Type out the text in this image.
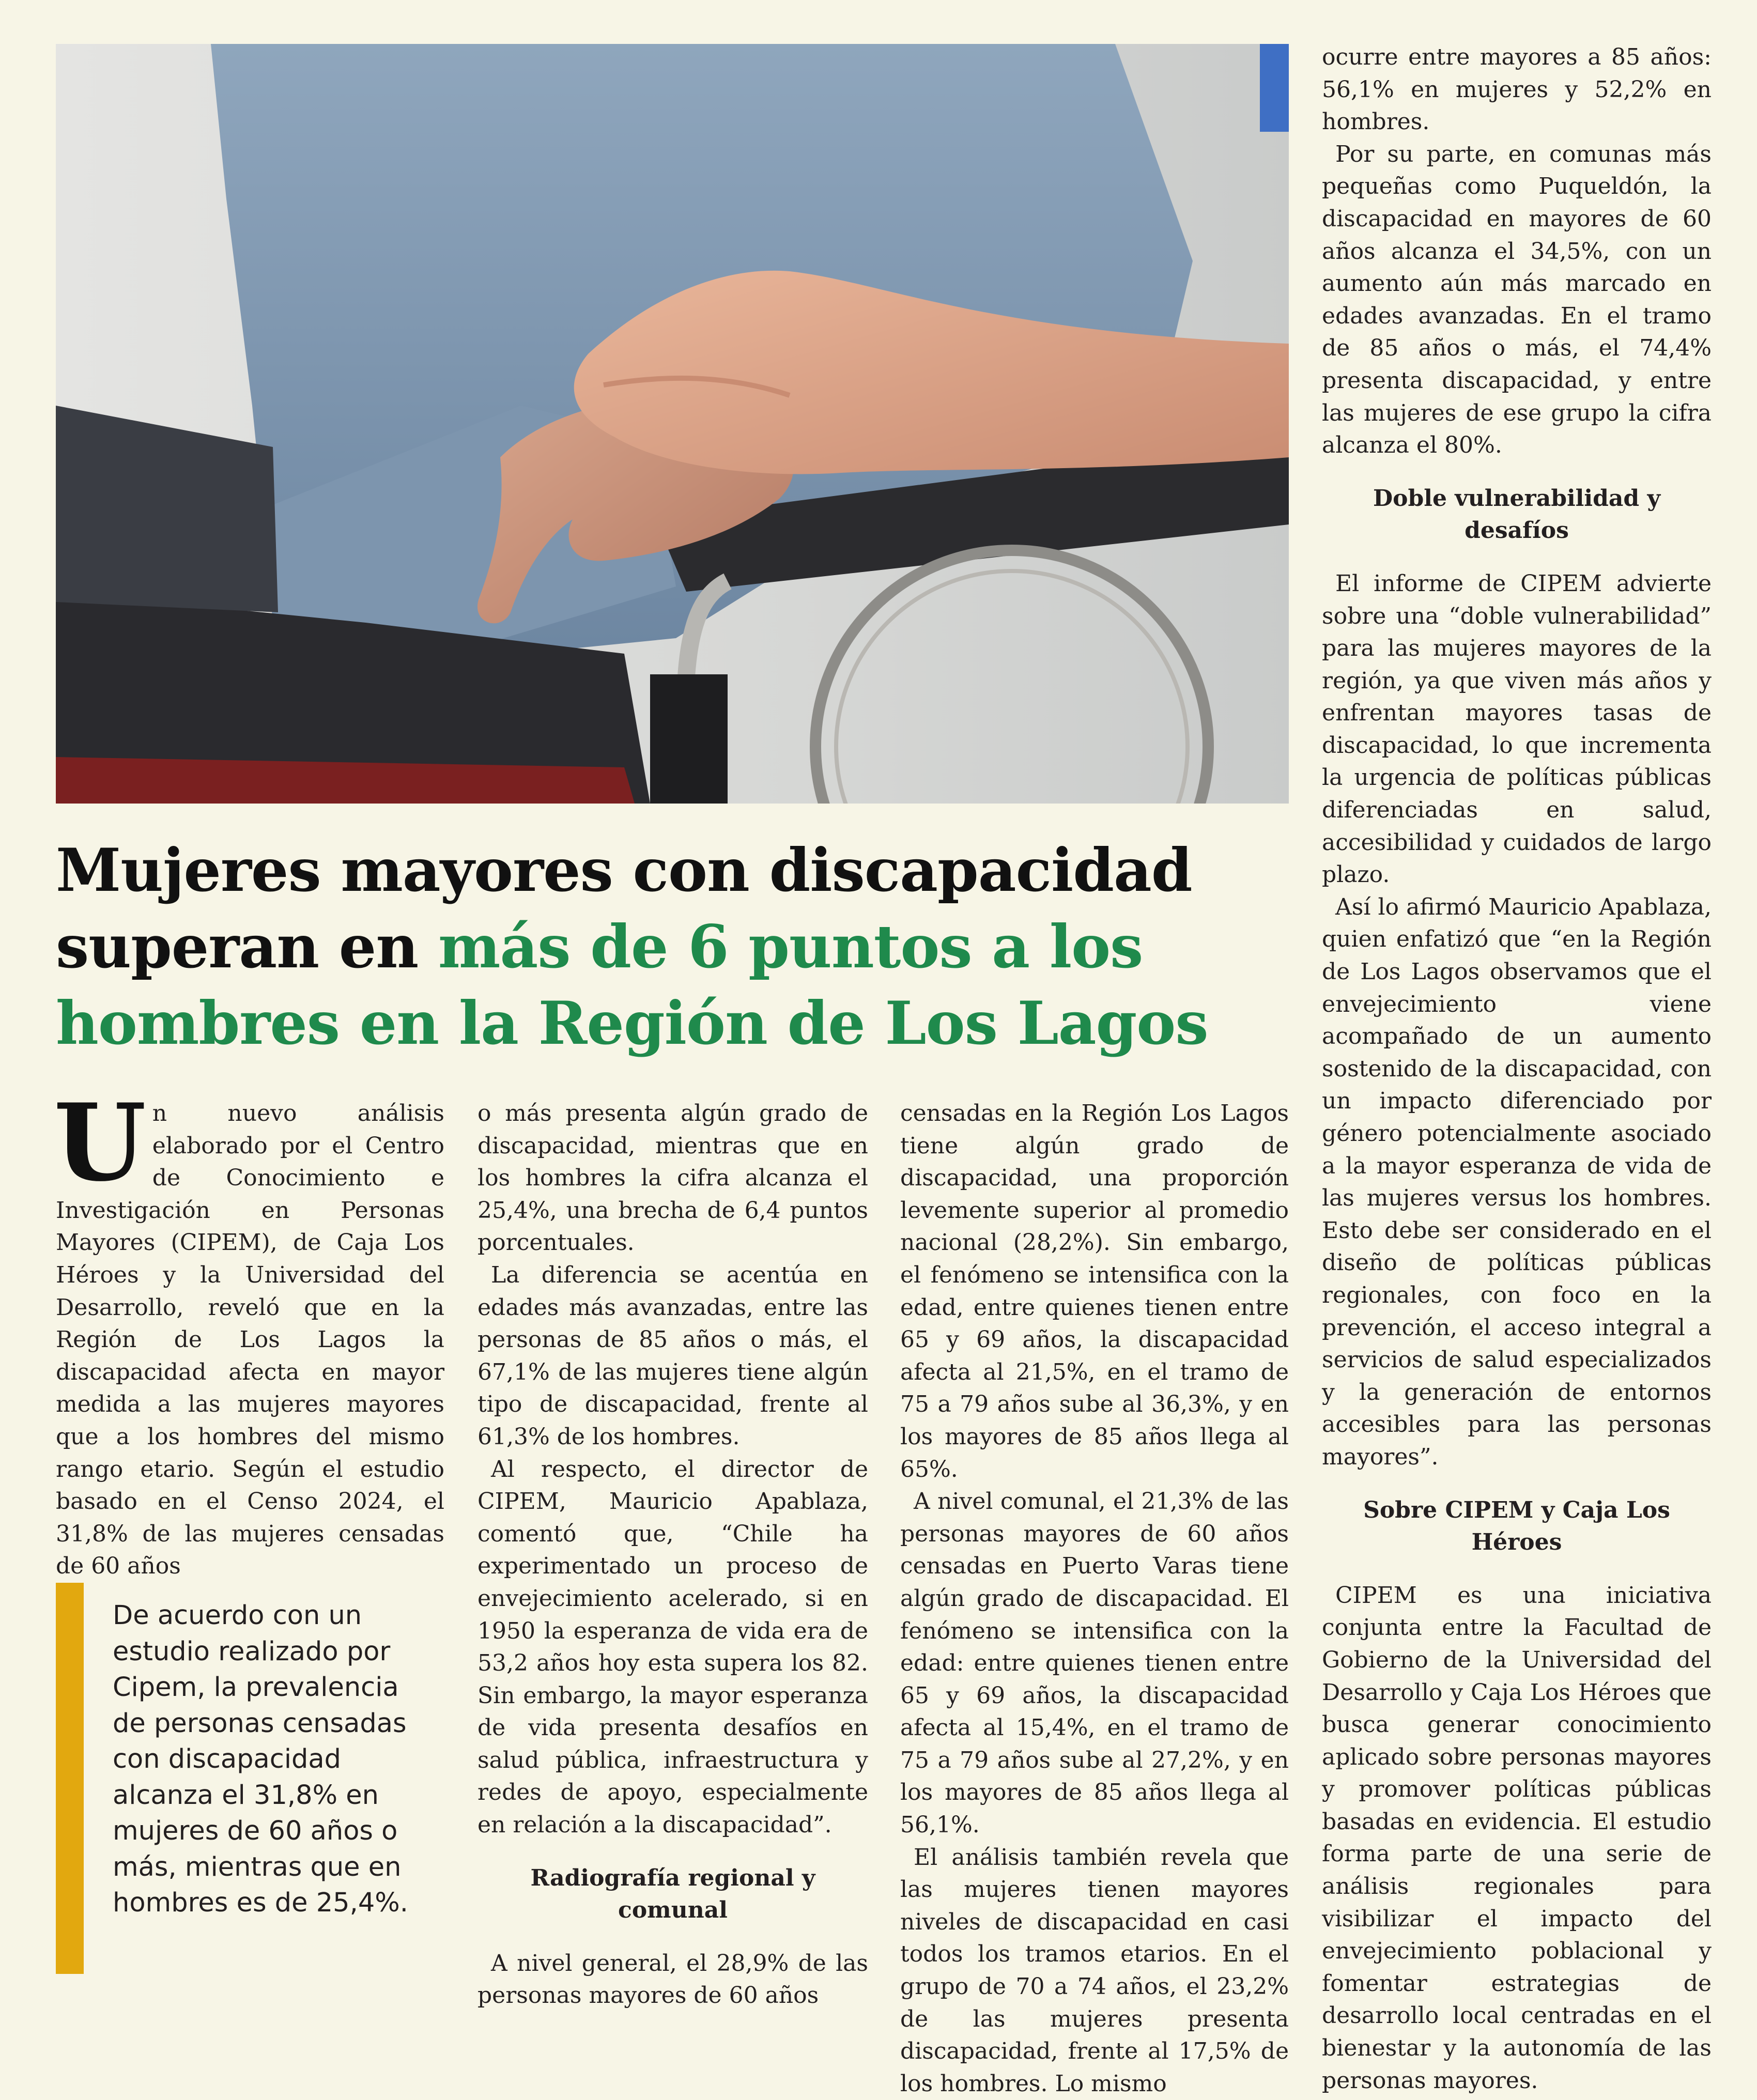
Mujeres mayores con discapacidad superan en más de 6 puntos a los hombres en la Región de Los Lagos
U n nuevo análisis elaborado por el Centro de Conocimiento e Investigación en Personas Mayores (CIPEM), de Caja Los Héroes y la Universidad del Desarrollo, reveló que en la Región de Los Lagos la discapacidad afecta en mayor medida a las mujeres mayores que a los hombres del mismo rango etario. Según el estudio basado en el Censo 2024, el 31,8% de las mujeres censadas de 60 años

De acuerdo con un estudio realizado por Cipem, la prevalencia de personas censadas con discapacidad alcanza el 31,8% en mujeres de 60 años o más, mientras que en hombres es de 25,4%.

o más presenta algún grado de discapacidad, mientras que en los hombres la cifra alcanza el 25,4%, una brecha de 6,4 puntos porcentuales.

La diferencia se acentúa en edades más avanzadas, entre las personas de 85 años o más, el 67,1% de las mujeres tiene algún tipo de discapacidad, frente al 61,3% de los hombres.

Al respecto, el director de CIPEM, Mauricio Apablaza, comentó que, “Chile ha experimentado un proceso de envejecimiento acelerado, si en 1950 la esperanza de vida era de 53,2 años hoy esta supera los 82. Sin embargo, la mayor esperanza de vida presenta desafíos en salud pública, infraestructura y redes de apoyo, especialmente en relación a la discapacidad”.

Radiografía regional y comunal

A nivel general, el 28,9% de las personas mayores de 60 años

censadas en la Región Los Lagos tiene algún grado de discapacidad, una proporción levemente superior al promedio nacional (28,2%). Sin embargo, el fenómeno se intensifica con la edad, entre quienes tienen entre 65 y 69 años, la discapacidad afecta al 21,5%, en el tramo de 75 a 79 años sube al 36,3%, y en los mayores de 85 años llega al 65%.

A nivel comunal, el 21,3% de las personas mayores de 60 años censadas en Puerto Varas tiene algún grado de discapacidad. El fenómeno se intensifica con la edad: entre quienes tienen entre 65 y 69 años, la discapacidad afecta al 15,4%, en el tramo de 75 a 79 años sube al 27,2%, y en los mayores de 85 años llega al 56,1%.

El análisis también revela que las mujeres tienen mayores niveles de discapacidad en casi todos los tramos etarios. En el grupo de 70 a 74 años, el 23,2% de las mujeres presenta discapacidad, frente al 17,5% de los hombres. Lo mismo

ocurre entre mayores a 85 años: 56,1% en mujeres y 52,2% en hombres.

Por su parte, en comunas más pequeñas como Puqueldón, la discapacidad en mayores de 60 años alcanza el 34,5%, con un aumento aún más marcado en edades avanzadas. En el tramo de 85 años o más, el 74,4% presenta discapacidad, y entre las mujeres de ese grupo la cifra alcanza el 80%.

Doble vulnerabilidad y desafíos

El informe de CIPEM advierte sobre una “doble vulnerabilidad” para las mujeres mayores de la región, ya que viven más años y enfrentan mayores tasas de discapacidad, lo que incrementa la urgencia de políticas públicas diferenciadas en salud, accesibilidad y cuidados de largo plazo.

Así lo afirmó Mauricio Apablaza, quien enfatizó que “en la Región de Los Lagos observamos que el envejecimiento viene acompañado de un aumento sostenido de la discapacidad, con un impacto diferenciado por género potencialmente asociado a la mayor esperanza de vida de las mujeres versus los hombres. Esto debe ser considerado en el diseño de políticas públicas regionales, con foco en la prevención, el acceso integral a servicios de salud especializados y la generación de entornos accesibles para las personas mayores”.

Sobre CIPEM y Caja Los Héroes

CIPEM es una iniciativa conjunta entre la Facultad de Gobierno de la Universidad del Desarrollo y Caja Los Héroes que busca generar conocimiento aplicado sobre personas mayores y promover políticas públicas basadas en evidencia. El estudio forma parte de una serie de análisis regionales para visibilizar el impacto del envejecimiento poblacional y fomentar estrategias de desarrollo local centradas en el bienestar y la autonomía de las personas mayores.
